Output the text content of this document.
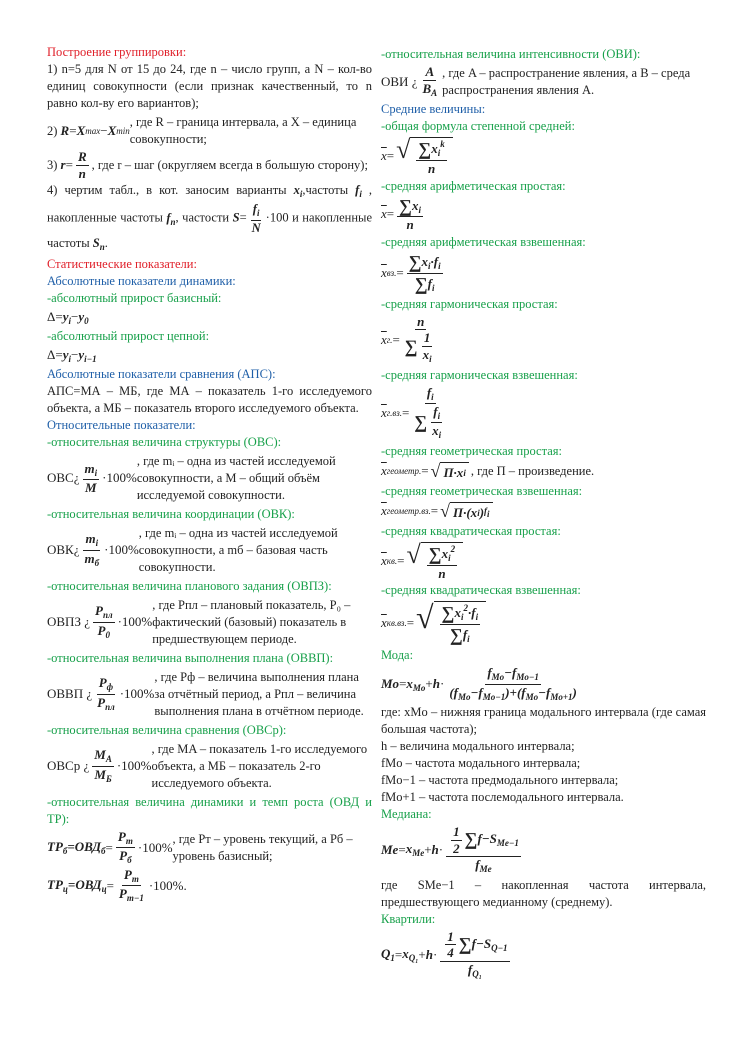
Построение группировки:

1) n=5 для N от 15 до 24, где n – число групп, а N – кол-во единиц совокупности (если признак качественный, то n равно кол-ву его вариантов);

2) R = X max − X min
, где R – граница интервала, а X – единица совокупности;
3) $r = \frac{R}{n}$ , где r – шаг (округляем всегда в большую сторону);
4) чертим табл., в кот. заносим варианты $x_i,частоты$ $f_i$ , накопленные частоты $f_n$, частости $S= \frac{f_i}{N} \cdot 100$ и накопленные частоты $S_n$.

Статистические показатели:

Абсолютные показатели динамики:

-абсолютный прирост базисный:

$\Delta= y_i - y_0$

-абсолютный прирост цепной:

$\Delta= y_i - y_{i-1}$

Абсолютные показатели сравнения (АПС):

АПС=МА – МБ, где МА – показатель 1-го исследуемого объекта, а МБ – показатель второго исследуемого объекта.

Относительные показатели:

-относительная величина структуры (ОВС):

ОВС¿ $\frac{m_i}{M} \cdot 100\%$
, где mᵢ – одна из частей исследуемой совокупности, а M – общий объём исследуемой совокупности.

-относительная величина координации (ОВК):

ОВК¿ $\frac{m_i}{m_б} \cdot 100\%$
, где mᵢ – одна из частей исследуемой совокупности, а mб – базовая часть совокупности.

-относительная величина планового задания (ОВПЗ):

ОВПЗ ¿ $\frac{P_{пл}}{P_0} \cdot 100\%$
, где Pпл – плановый показатель, P₀ – фактический (базовый) показатель в предшествующем периоде.

-относительная величина выполнения плана (ОВВП):

ОВВП ¿ $\frac{P_ф}{P_{пл}} \cdot 100\%$
, где Pф – величина выполнения плана за отчётный период, а Pпл – величина выполнения плана в отчётном периоде.

-относительная величина сравнения (ОВСр):

ОВСр ¿ $\frac{M_A}{M_Б} \cdot 100\%$
, где MA – показатель 1-го исследуемого объекта, а MБ – показатель 2-го исследуемого объекта.

-относительная величина динамики и темп роста (ОВД и ТР):

$ТР_б=ОВД_б = \frac{P_т}{P_б} \cdot 100\%$
, где Pт – уровень текущий, а Pб – уровень базисный;
$ТР_ц=ОВД_ц = \frac{P_т}{P_{т-1}} \cdot 100\%$.

-относительная величина интенсивности (ОВИ):

ОВИ ¿ $\frac{A}{B_A}$ , где A – распространение явления, а B – среда распространения явления A.

Средние величины:

-общая формула степенной средней:

$\overline{x}$ = √ $\frac{\sum x_i^k}{n}$

-средняя арифметическая простая:

$\overline{x} = \frac{\sum x_i}{n}$

-средняя арифметическая взвешенная:

$\overline{x}$ вз. = $\frac{\sum x_i\cdot f_i}{\sum f_i}$

-средняя гармоническая простая:

$\overline{x}$ г. = $\frac{n}{\sum \frac{1}{x_i}}$

-средняя гармоническая взвешенная:

$\overline{x}$ г.вз. = $\frac{f_i}{\sum \frac{f_i}{x_i}}$

-средняя геометрическая простая:

$\overline{x}$ геометр. = √ П·x i , где П – произведение.

-средняя геометрическая взвешенная:

$\overline{x}$ геометр.вз. = √ П·(x i ) fi

-средняя квадратическая простая:

$\overline{x}$ кв. = √ $\frac{\sum x_i^2}{n}$

-средняя квадратическая взвешенная:

$\overline{x}$ кв.вз. = √ $\frac{\sum x_i^2\cdot f_i}{\sum f_i}$

Мода:

$Mo = x_{Mo} + h \cdot \frac{f_{Mo}-f_{Mo-1}}{(f_{Mo}-f_{Mo-1})+(f_{Mo}-f_{Mo+1})}$

где: xMo – нижняя граница модального интервала (где самая большая частота);

h – величина модального интервала;

fMo – частота модального интервала;

fMo−1 – частота предмодального интервала;

fMo+1 – частота послемодального интервала.

Медиана:

$Me = x_{Me} + h \cdot \frac{\frac{1}{2} \sum f-S_{Me-1}}{f_{Me}}$

где SMe−1 – накопленная частота интервала, предшествующего медианному (среднему).

Квартили:

$Q_1 = x_{Q_1} + h \cdot \frac{\frac{1}{4} \sum f-S_{Q-1}}{f_{Q_1}}$
